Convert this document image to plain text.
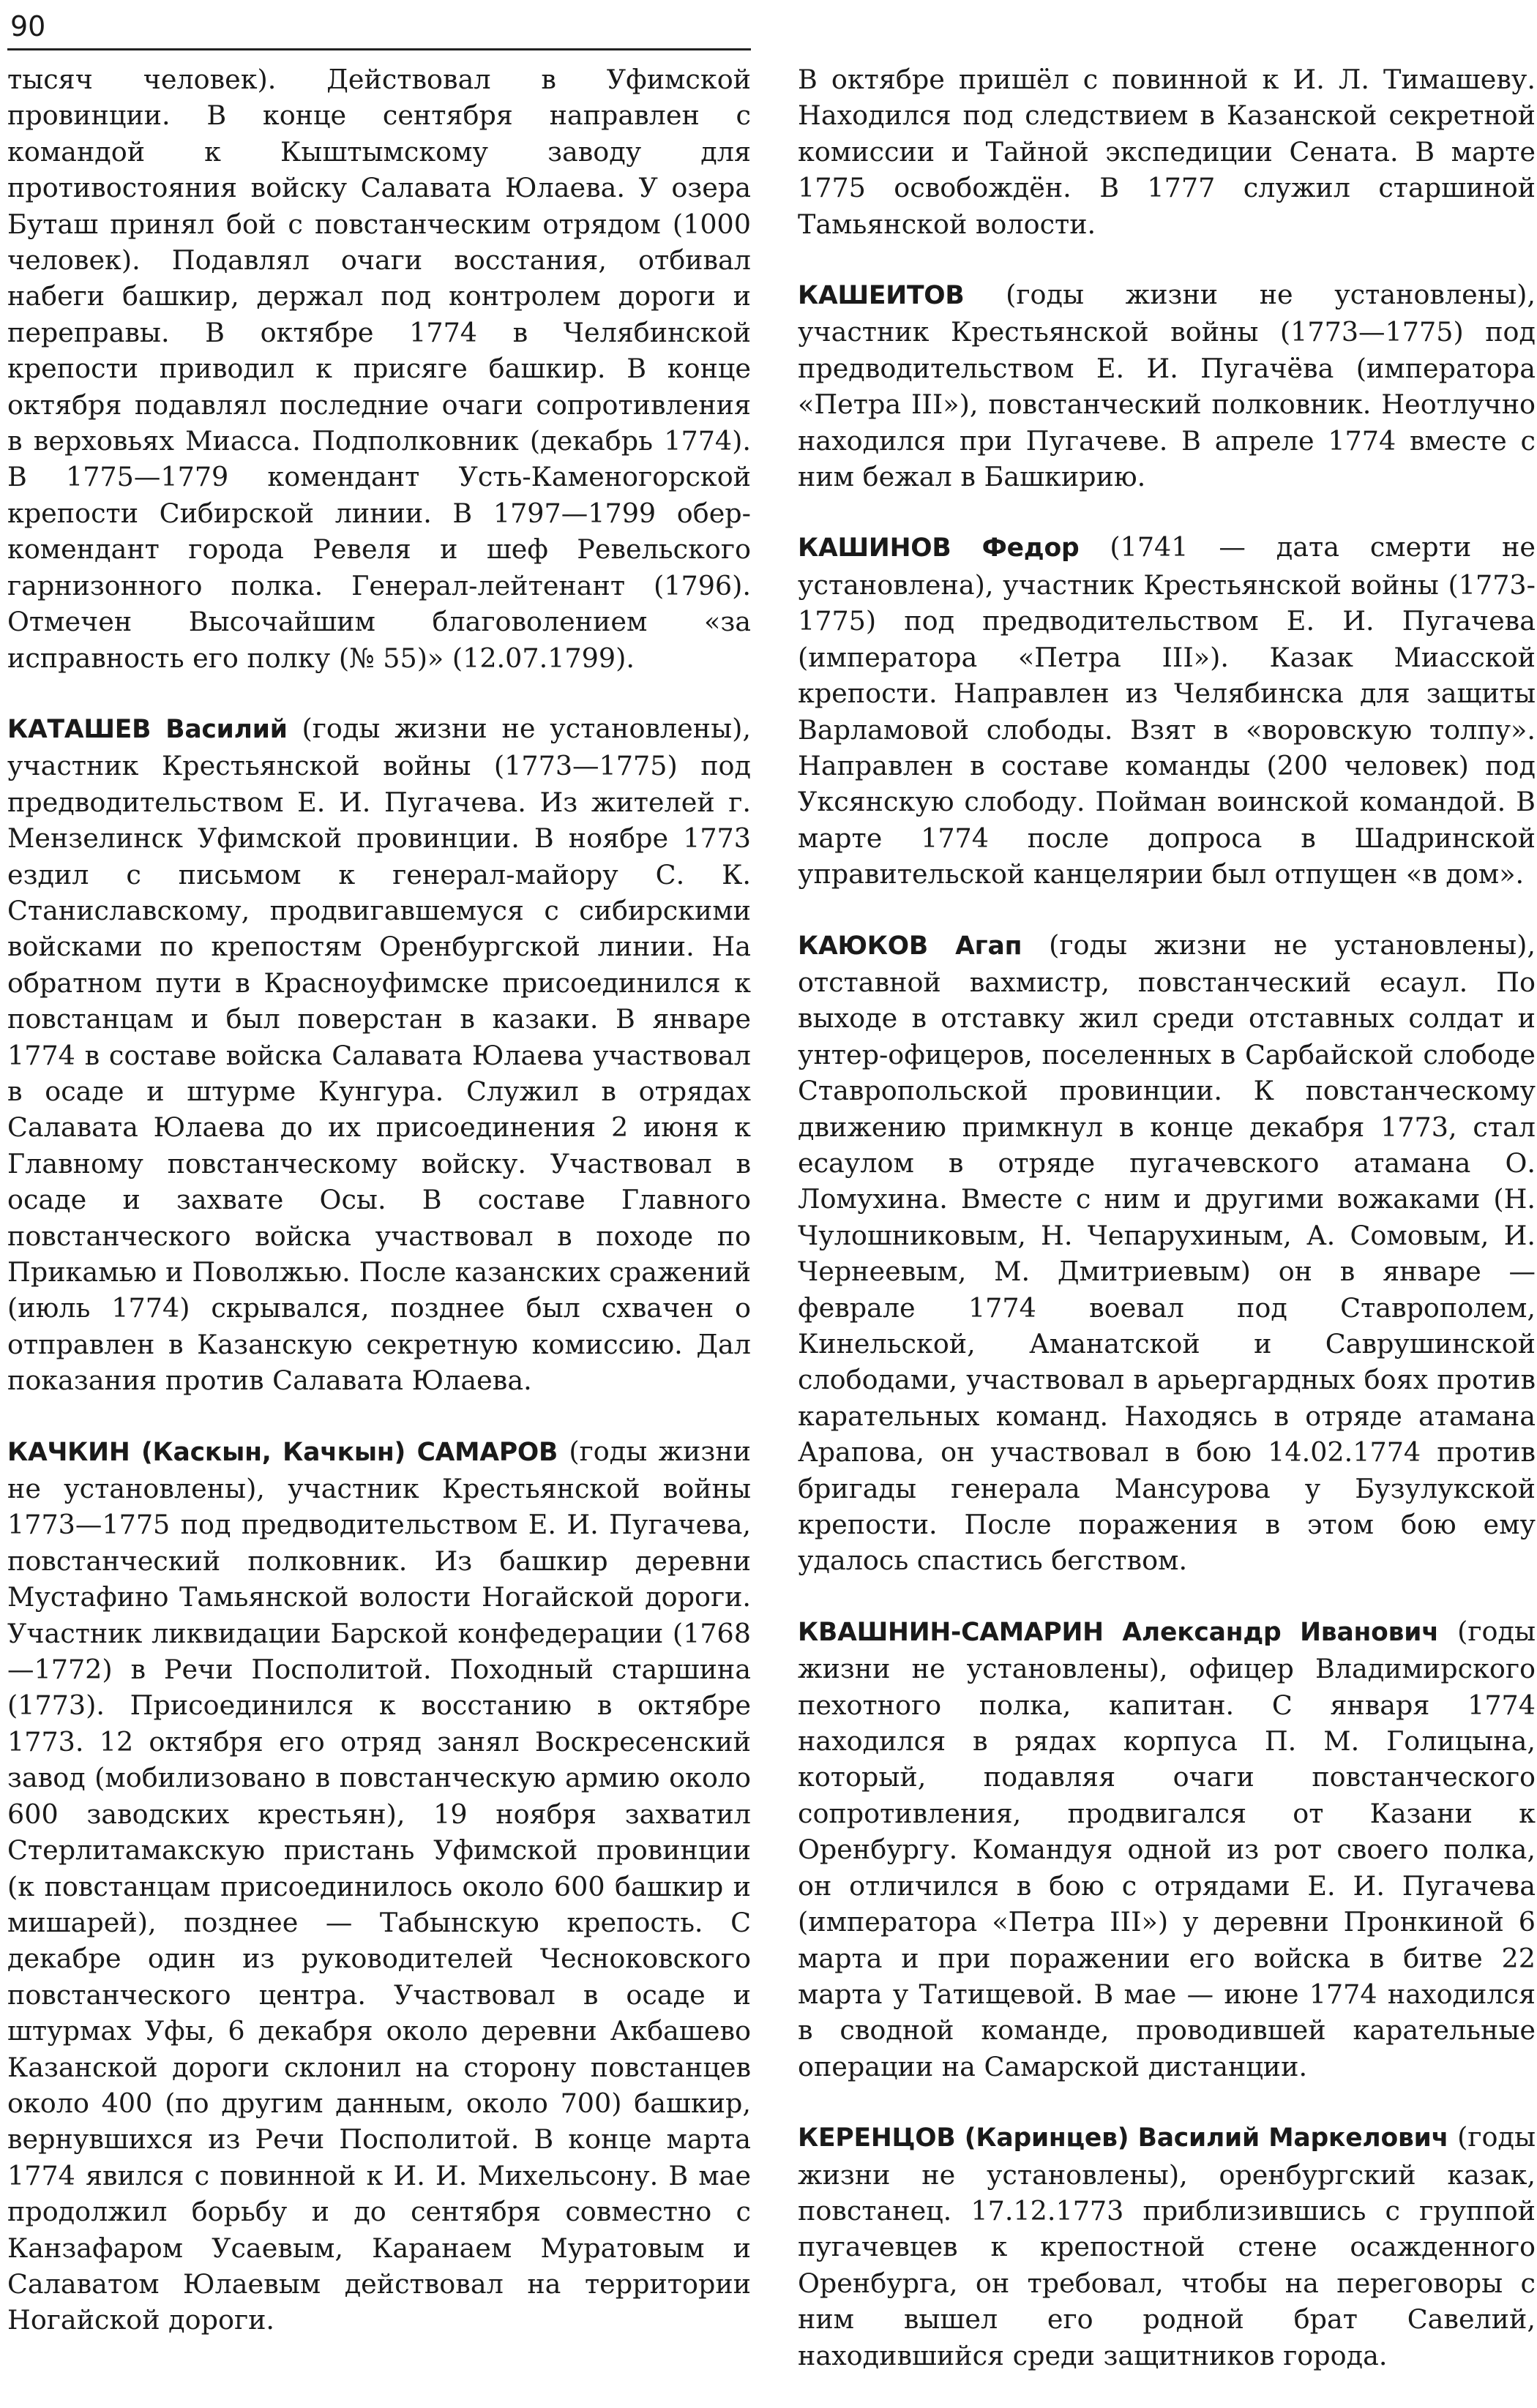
90

тысяч человек). Действовал в Уфимской провинции. В конце сентября направлен с командой к Кыштымскому заводу для противостояния войску Салавата Юлаева. У озера Буташ принял бой с повстанческим отрядом (1000 человек). Подавлял очаги восстания, отбивал набеги башкир, держал под контролем дороги и переправы. В октябре 1774 в Челябинской крепости приводил к присяге башкир. В конце октября подавлял последние очаги сопротивления в верховьях Миасса. Подполковник (декабрь 1774). В 1775—1779 комендант Усть-Каменогорской крепости Сибирской линии. В 1797—1799 обер-комендант города Ревеля и шеф Ревельского гарнизонного полка. Генерал-лейтенант (1796). Отмечен Высочайшим благоволением «за исправность его полку (№ 55)» (12.07.1799).

КАТАШЕВ Василий (годы жизни не установлены), участник Крестьянской войны (1773—1775) под предводительством Е. И. Пугачева. Из жителей г. Мензелинск Уфимской провинции. В ноябре 1773 ездил с письмом к генерал-майору С. К. Станиславскому, продвигавшемуся с сибирскими войсками по крепостям Оренбургской линии. На обратном пути в Красноуфимске присоединился к повстанцам и был поверстан в казаки. В январе 1774 в составе войска Салавата Юлаева участвовал в осаде и штурме Кунгура. Служил в отрядах Салавата Юлаева до их присоединения 2 июня к Главному повстанческому войску. Участвовал в осаде и захвате Осы. В составе Главного повстанческого войска участвовал в походе по Прикамью и Поволжью. После казанских сражений (июль 1774) скрывался, позднее был схвачен о отправлен в Казанскую секретную комиссию. Дал показания против Салавата Юлаева.

КАЧКИН (Каскын, Качкын) САМАРОВ (годы жизни не установлены), участник Крестьянской войны 1773—1775 под предводительством Е. И. Пугачева, повстанческий полковник. Из башкир деревни Мустафино Тамьянской волости Ногайской дороги. Участник ликвидации Барской конфедерации (1768—1772) в Речи Посполитой. Походный старшина (1773). Присоединился к восстанию в октябре 1773. 12 октября его отряд занял Воскресенский завод (мобилизовано в повстанческую армию около 600 заводских крестьян), 19 ноября захватил Стерлитамакскую пристань Уфимской провинции (к повстанцам присоединилось около 600 башкир и мишарей), позднее — Табынскую крепость. С декабре один из руководителей Чесноковского повстанческого центра. Участвовал в осаде и штурмах Уфы, 6 декабря около деревни Акбашево Казанской дороги склонил на сторону повстанцев около 400 (по другим данным, около 700) башкир, вернувшихся из Речи Посполитой. В конце марта 1774 явился с повинной к И. И. Михельсону. В мае продолжил борьбу и до сентября совместно с Канзафаром Усаевым, Каранаем Муратовым и Салаватом Юлаевым действовал на территории Ногайской дороги.

В октябре пришёл с повинной к И. Л. Тимашеву. Находился под следствием в Казанской секретной комиссии и Тайной экспедиции Сената. В марте 1775 освобождён. В 1777 служил старшиной Тамьянской волости.

КАШЕИТОВ (годы жизни не установлены), участник Крестьянской войны (1773—1775) под предводительством Е. И. Пугачёва (императора «Петра III»), повстанческий полковник. Неотлучно находился при Пугачеве. В апреле 1774 вместе с ним бежал в Башкирию.

КАШИНОВ Федор (1741 — дата смерти не установлена), участник Крестьянской войны (1773-1775) под предводительством Е. И. Пугачева (императора «Петра III»). Казак Миасской крепости. Направлен из Челябинска для защиты Варламовой слободы. Взят в «воровскую толпу». Направлен в составе команды (200 человек) под Уксянскую слободу. Пойман воинской командой. В марте 1774 после допроса в Шадринской управительской канцелярии был отпущен «в дом».

КАЮКОВ Агап (годы жизни не установлены), отставной вахмистр, повстанческий есаул. По выходе в отставку жил среди отставных солдат и унтер-офицеров, поселенных в Сарбайской слободе Ставропольской провинции. К повстанческому движению примкнул в конце декабря 1773, стал есаулом в отряде пугачевского атамана О. Ломухина. Вместе с ним и другими вожаками (Н. Чулошниковым, Н. Чепарухиным, А. Сомовым, И. Чернеевым, М. Дмитриевым) он в январе — феврале 1774 воевал под Ставрополем, Кинельской, Аманатской и Саврушинской слободами, участвовал в арьергардных боях против карательных команд. Находясь в отряде атамана Арапова, он участвовал в бою 14.02.1774 против бригады генерала Мансурова у Бузулукской крепости. После поражения в этом бою ему удалось спастись бегством.

КВАШНИН-САМАРИН Александр Иванович (годы жизни не установлены), офицер Владимирского пехотного полка, капитан. С января 1774 находился в рядах корпуса П. М. Голицына, который, подавляя очаги повстанческого сопротивления, продвигался от Казани к Оренбургу. Командуя одной из рот своего полка, он отличился в бою с отрядами Е. И. Пугачева (императора «Петра III») у деревни Пронкиной 6 марта и при поражении его войска в битве 22 марта у Татищевой. В мае — июне 1774 находился в сводной команде, проводившей карательные операции на Самарской дистанции.

КЕРЕНЦОВ (Каринцев) Василий Маркелович (годы жизни не установлены), оренбургский казак, повстанец. 17.12.1773 приблизившись с группой пугачевцев к крепостной стене осажденного Оренбурга, он требовал, чтобы на переговоры с ним вышел его родной брат Савелий, находившийся среди защитников города.
